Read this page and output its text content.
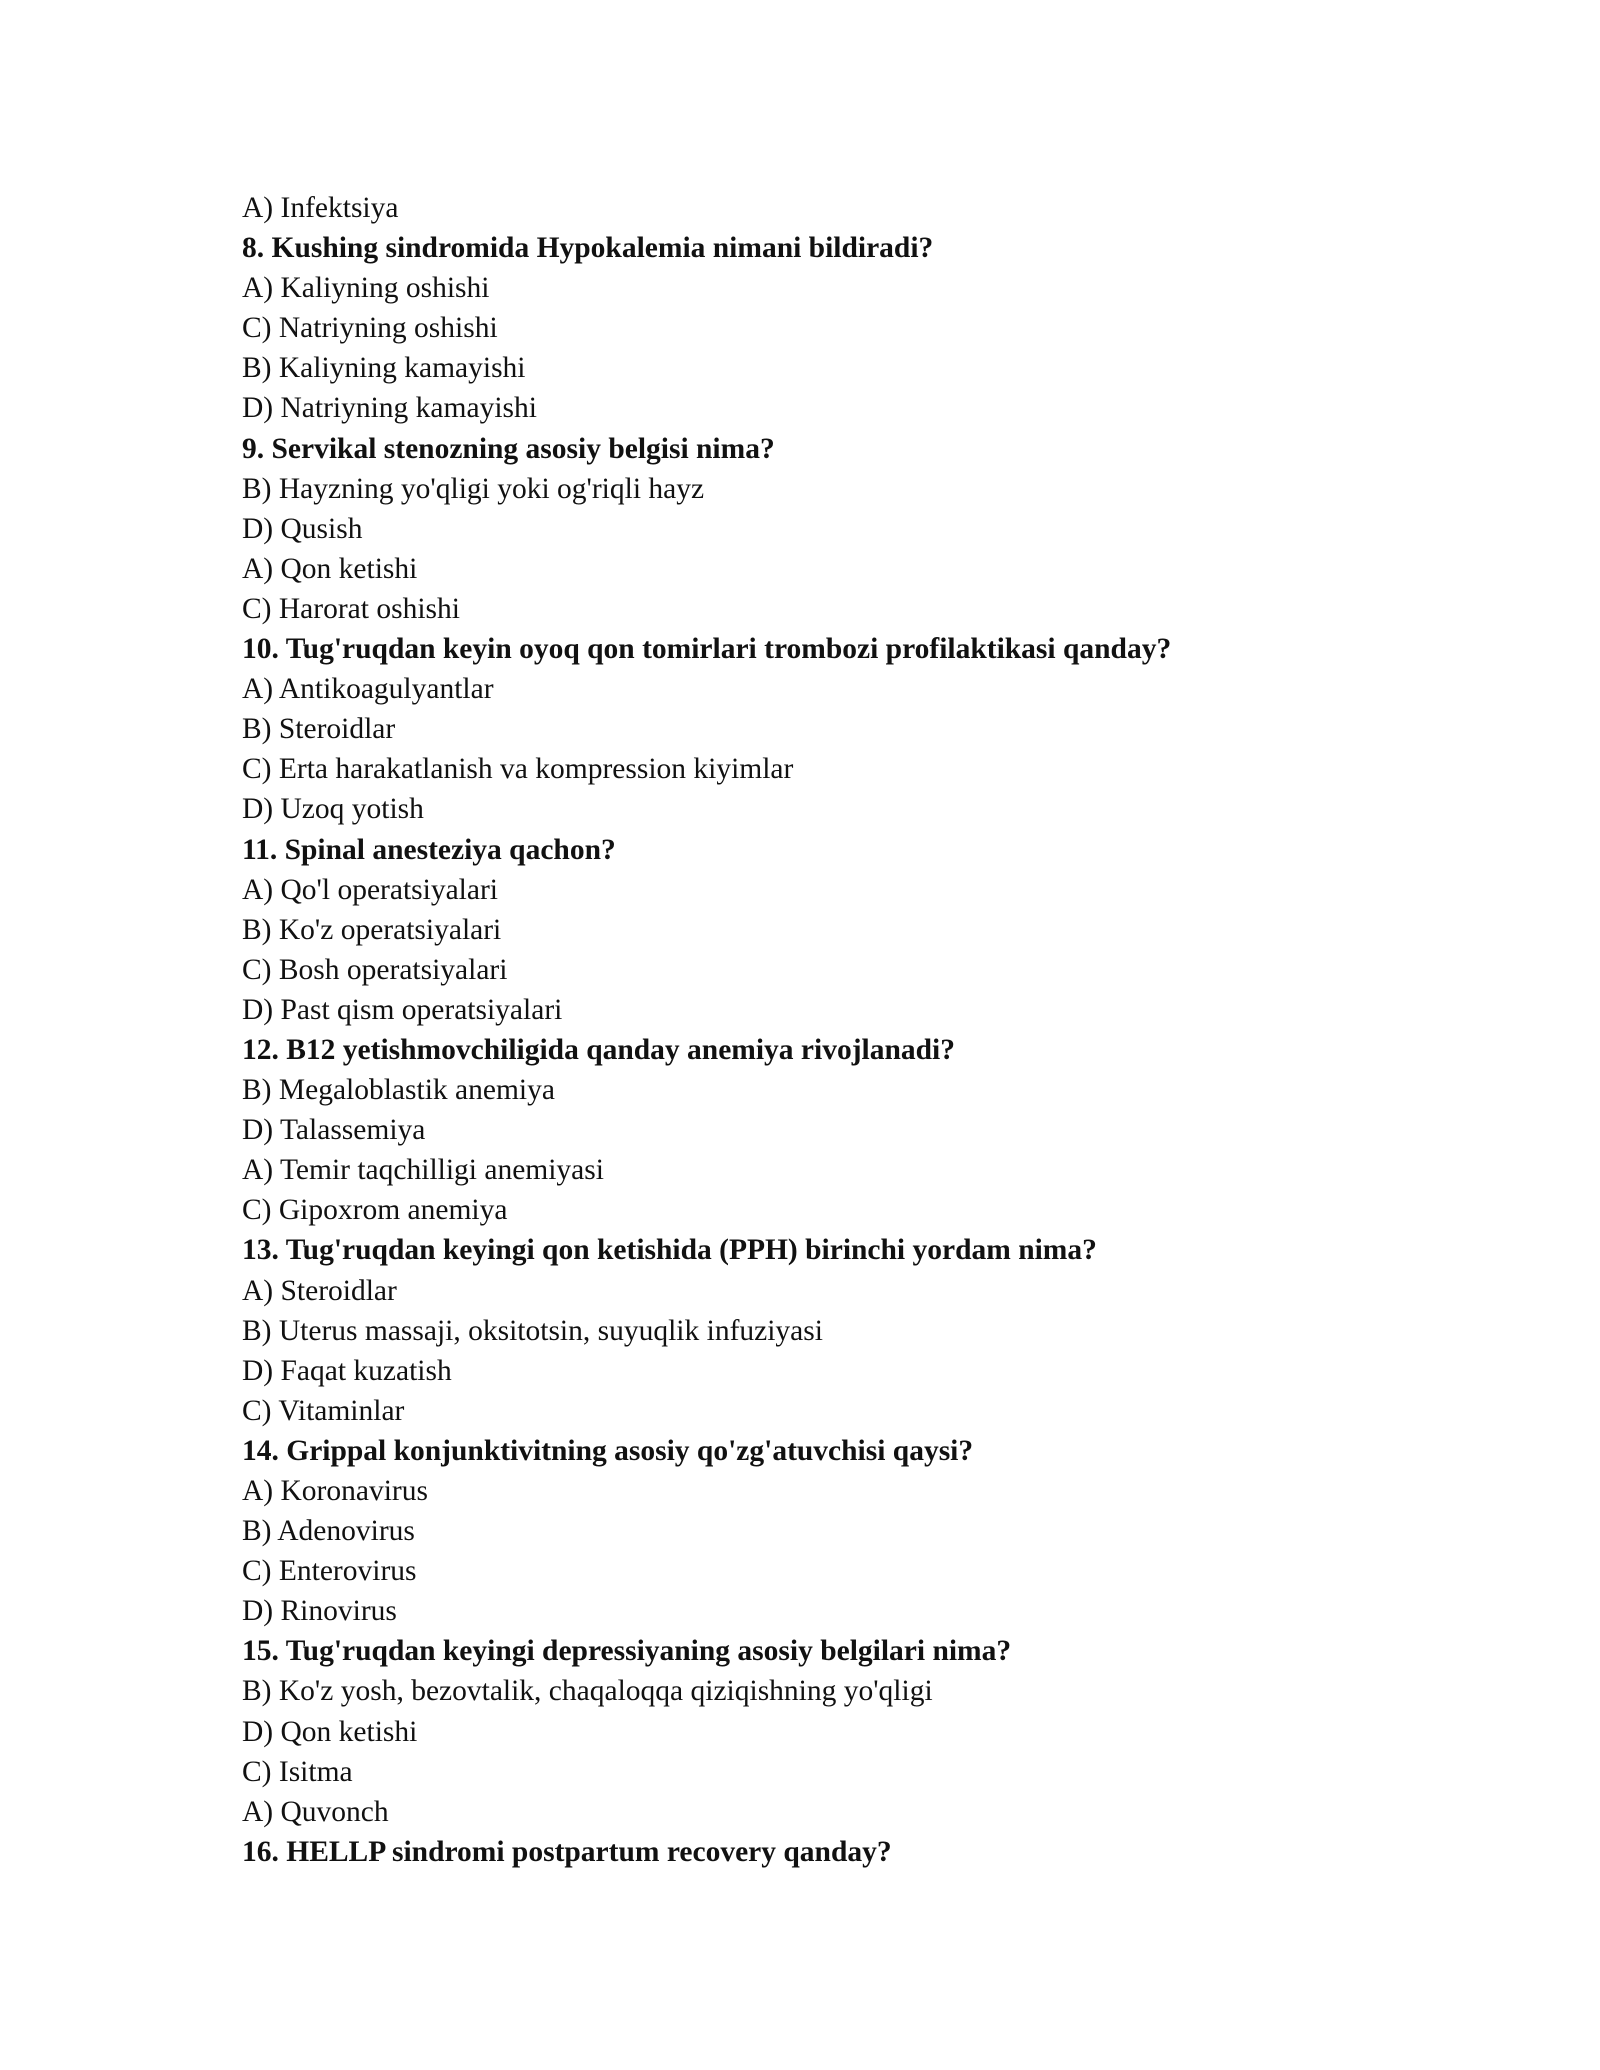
A) Infektsiya
8. Kushing sindromida Hypokalemia nimani bildiradi?
A) Kaliyning oshishi
C) Natriyning oshishi
B) Kaliyning kamayishi
D) Natriyning kamayishi
9. Servikal stenozning asosiy belgisi nima?
B) Hayzning yo'qligi yoki og'riqli hayz
D) Qusish
A) Qon ketishi
C) Harorat oshishi
10. Tug'ruqdan keyin oyoq qon tomirlari trombozi profilaktikasi qanday?
A) Antikoagulyantlar
B) Steroidlar
C) Erta harakatlanish va kompression kiyimlar
D) Uzoq yotish
11. Spinal anesteziya qachon?
A) Qo'l operatsiyalari
B) Ko'z operatsiyalari
C) Bosh operatsiyalari
D) Past qism operatsiyalari
12. B12 yetishmovchiligida qanday anemiya rivojlanadi?
B) Megaloblastik anemiya
D) Talassemiya
A) Temir taqchilligi anemiyasi
C) Gipoxrom anemiya
13. Tug'ruqdan keyingi qon ketishida (PPH) birinchi yordam nima?
A) Steroidlar
B) Uterus massaji, oksitotsin, suyuqlik infuziyasi
D) Faqat kuzatish
C) Vitaminlar
14. Grippal konjunktivitning asosiy qo'zg'atuvchisi qaysi?
A) Koronavirus
B) Adenovirus
C) Enterovirus
D) Rinovirus
15. Tug'ruqdan keyingi depressiyaning asosiy belgilari nima?
B) Ko'z yosh, bezovtalik, chaqaloqqa qiziqishning yo'qligi
D) Qon ketishi
C) Isitma
A) Quvonch
16. HELLP sindromi postpartum recovery qanday?
